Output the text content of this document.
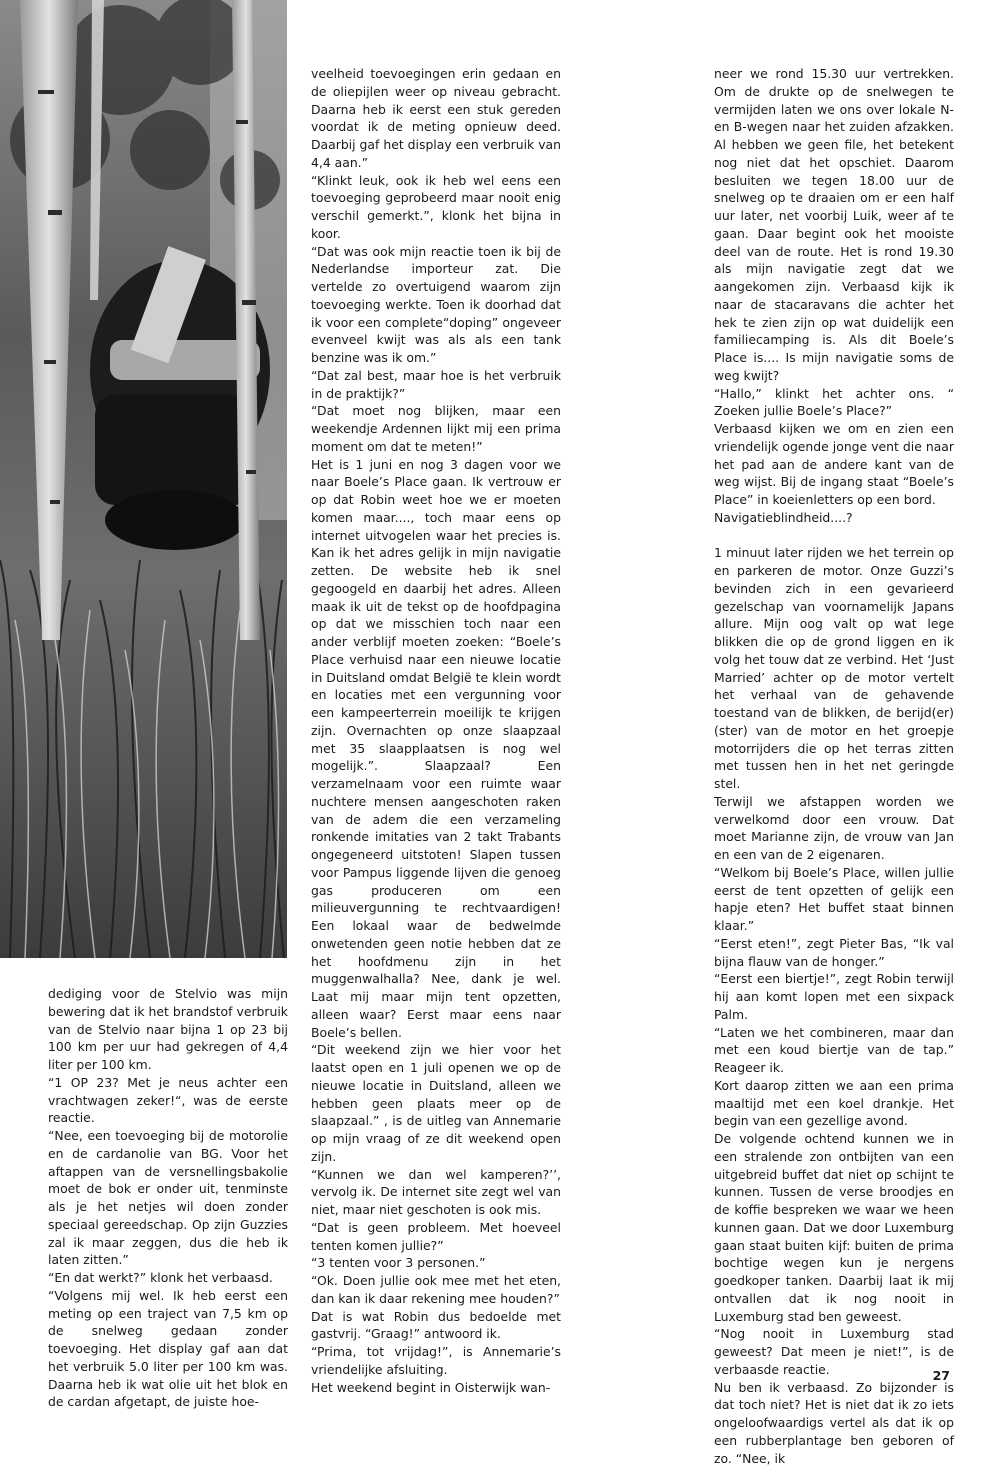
dediging voor de Stelvio was mijn bewering dat ik het brandstof verbruik van de Stelvio naar bijna 1 op 23 bij 100 km per uur had gekregen of 4,4 liter per 100 km.

“1 OP 23? Met je neus achter een vrachtwagen zeker!“, was de eerste reactie.

“Nee, een toevoeging bij de motorolie en de cardanolie van BG. Voor het aftappen van de versnellingsbakolie moet de bok er onder uit, tenminste als je het netjes wil doen zonder speciaal gereedschap. Op zijn Guzzies zal ik maar zeggen, dus die heb ik laten zitten.”

“En dat werkt?” klonk het verbaasd.

“Volgens mij wel. Ik heb eerst een meting op een traject van 7,5 km op de snelweg gedaan zonder toevoeging. Het display gaf aan dat het verbruik 5.0 liter per 100 km was. Daarna heb ik wat olie uit het blok en de cardan afgetapt, de juiste hoe-

veelheid toevoegingen erin gedaan en de oliepijlen weer op niveau gebracht. Daarna heb ik eerst een stuk gereden voordat ik de meting opnieuw deed. Daarbij gaf het display een verbruik van 4,4 aan.”

“Klinkt leuk, ook ik heb wel eens een toevoeging geprobeerd maar nooit enig verschil gemerkt.”, klonk het bijna in koor.

“Dat was ook mijn reactie toen ik bij de Nederlandse importeur zat. Die vertelde zo overtuigend waarom zijn toevoeging werkte. Toen ik doorhad dat ik voor een complete“doping” ongeveer evenveel kwijt was als als een tank benzine was ik om.”

“Dat zal best, maar hoe is het verbruik in de praktijk?”

“Dat moet nog blijken, maar een weekendje Ardennen lijkt mij een prima moment om dat te meten!”

Het is 1 juni en nog 3 dagen voor we naar Boele’s Place gaan. Ik vertrouw er op dat Robin weet hoe we er moeten komen maar...., toch maar eens op internet uitvogelen waar het precies is. Kan ik het adres gelijk in mijn navigatie zetten. De website heb ik snel gegoogeld en daarbij het adres. Alleen maak ik uit de tekst op de hoofdpagina op dat we misschien toch naar een ander verblijf moeten zoeken: “Boele’s Place verhuisd naar een nieuwe locatie in Duitsland omdat België te klein wordt en locaties met een vergunning voor een kampeerterrein moeilijk te krijgen zijn. Overnachten op onze slaapzaal met 35 slaapplaatsen is nog wel mogelijk.”. Slaapzaal? Een verzamelnaam voor een ruimte waar nuchtere mensen aangeschoten raken van de adem die een verzameling ronkende imitaties van 2 takt Trabants ongegeneerd uitstoten! Slapen tussen voor Pampus liggende lijven die genoeg gas produceren om een milieuvergunning te rechtvaardigen! Een lokaal waar de bedwelmde onwetenden geen notie hebben dat ze het hoofdmenu zijn in het muggenwalhalla? Nee, dank je wel. Laat mij maar mijn tent opzetten, alleen waar? Eerst maar eens naar Boele’s bellen.

“Dit weekend zijn we hier voor het laatst open en 1 juli openen we op de nieuwe locatie in Duitsland, alleen we hebben geen plaats meer op de slaapzaal.” , is de uitleg van Annemarie op mijn vraag of ze dit weekend open zijn.

“Kunnen we dan wel kamperen?’’, vervolg ik. De internet site zegt wel van niet, maar niet geschoten is ook mis.

“Dat is geen probleem. Met hoeveel tenten komen jullie?”

“3 tenten voor 3 personen.”

“Ok. Doen jullie ook mee met het eten, dan kan ik daar rekening mee houden?”

Dat is wat Robin dus bedoelde met gastvrij. “Graag!” antwoord ik.

“Prima, tot vrijdag!”, is Annemarie’s vriendelijke afsluiting.

Het weekend begint in Oisterwijk wan-

neer we rond 15.30 uur vertrekken. Om de drukte op de snelwegen te vermijden laten we ons over lokale N- en B-wegen naar het zuiden afzakken. Al hebben we geen file, het betekent nog niet dat het opschiet. Daarom besluiten we tegen 18.00 uur de snelweg op te draaien om er een half uur later, net voorbij Luik, weer af te gaan. Daar begint ook het mooiste deel van de route. Het is rond 19.30 als mijn navigatie zegt dat we aangekomen zijn. Verbaasd kijk ik naar de stacaravans die achter het hek te zien zijn op wat duidelijk een familiecamping is. Als dit Boele’s Place is.... Is mijn navigatie soms de weg kwijt?

“Hallo,” klinkt het achter ons. “ Zoeken jullie Boele’s Place?”

Verbaasd kijken we om en zien een vriendelijk ogende jonge vent die naar het pad aan de andere kant van de weg wijst. Bij de ingang staat “Boele’s Place” in koeienletters op een bord.

Navigatieblindheid....?

1 minuut later rijden we het terrein op en parkeren de motor. Onze Guzzi’s bevinden zich in een gevarieerd gezelschap van voornamelijk Japans allure. Mijn oog valt op wat lege blikken die op de grond liggen en ik volg het touw dat ze verbind. Het ‘Just Married’ achter op de motor vertelt het verhaal van de gehavende toestand van de blikken, de berijd(er)(ster) van de motor en het groepje motorrijders die op het terras zitten met tussen hen in het net geringde stel.

Terwijl we afstappen worden we verwelkomd door een vrouw. Dat moet Marianne zijn, de vrouw van Jan en een van de 2 eigenaren.

“Welkom bij Boele’s Place, willen jullie eerst de tent opzetten of gelijk een hapje eten? Het buffet staat binnen klaar.”

“Eerst eten!”, zegt Pieter Bas, “Ik val bijna flauw van de honger.”

“Eerst een biertje!”, zegt Robin terwijl hij aan komt lopen met een sixpack Palm.

“Laten we het combineren, maar dan met een koud biertje van de tap.” Reageer ik.

Kort daarop zitten we aan een prima maaltijd met een koel drankje. Het begin van een gezellige avond.

De volgende ochtend kunnen we in een stralende zon ontbijten van een uitgebreid buffet dat niet op schijnt te kunnen. Tussen de verse broodjes en de koffie bespreken we waar we heen kunnen gaan. Dat we door Luxemburg gaan staat buiten kijf: buiten de prima bochtige wegen kun je nergens goedkoper tanken. Daarbij laat ik mij ontvallen dat ik nog nooit in Luxemburg stad ben geweest.

“Nog nooit in Luxemburg stad geweest? Dat meen je niet!”, is de verbaasde reactie.

Nu ben ik verbaasd. Zo bijzonder is dat toch niet? Het is niet dat ik zo iets ongeloofwaardigs vertel als dat ik op een rubberplantage ben geboren of zo. “Nee, ik

27
